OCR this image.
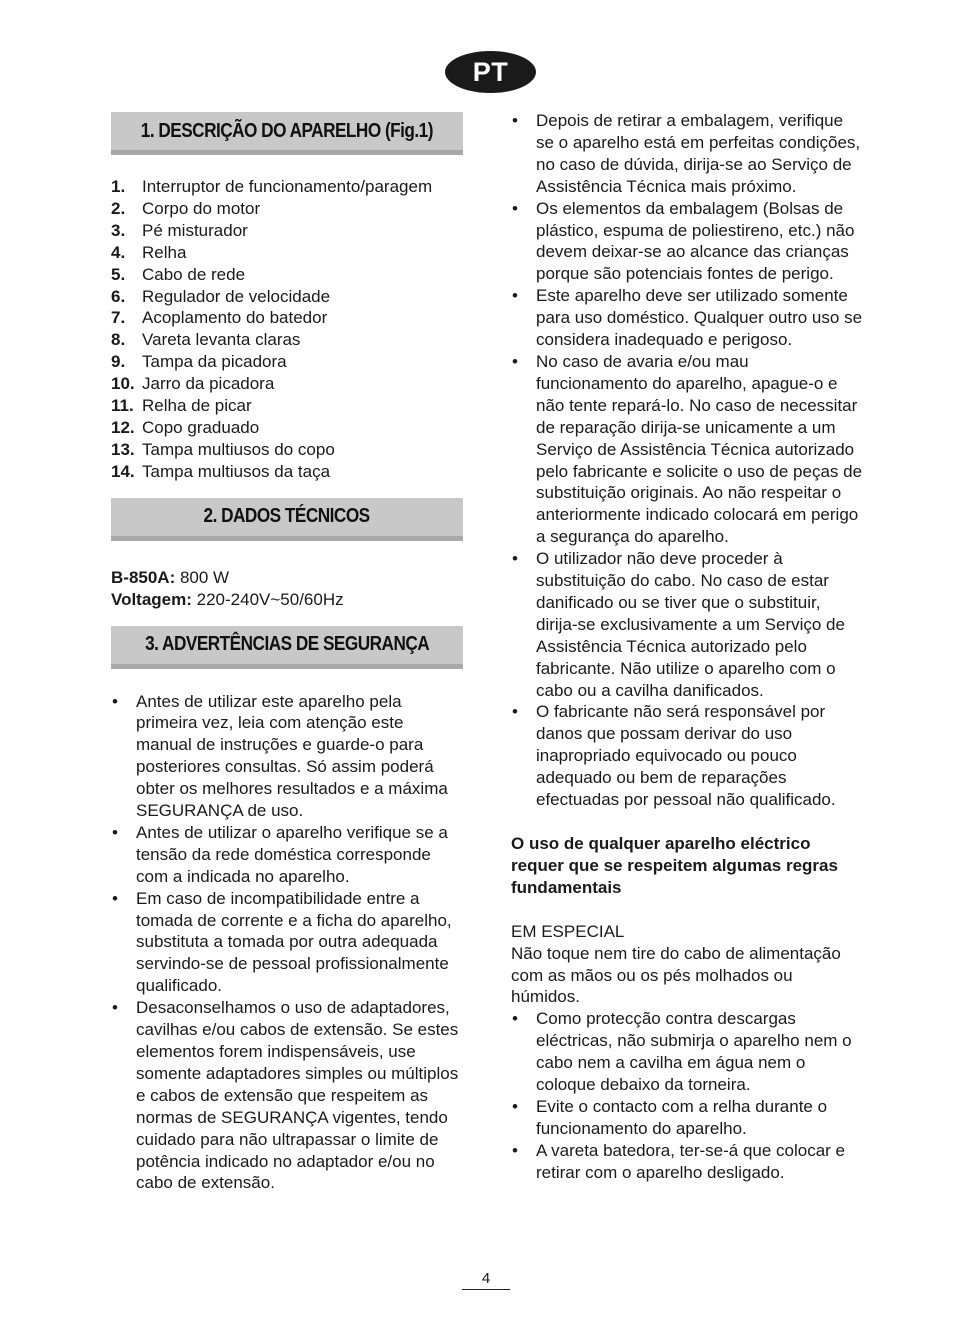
PT
1. DESCRIÇÃO DO APARELHO (Fig.1)
1. Interruptor de funcionamento/paragem
2. Corpo do motor
3. Pé misturador
4. Relha
5. Cabo de rede
6. Regulador de velocidade
7. Acoplamento do batedor
8. Vareta levanta claras
9. Tampa da picadora
10. Jarro da picadora
11. Relha de picar
12. Copo graduado
13. Tampa multiusos do copo
14. Tampa multiusos da taça
2. DADOS TÉCNICOS
B-850A: 800 W
Voltagem: 220-240V~50/60Hz
3. ADVERTÊNCIAS DE SEGURANÇA
• Antes de utilizar este aparelho pela primeira vez, leia com atenção este manual de instruções e guarde-o para posteriores consultas. Só assim poderá obter os melhores resultados e a máxima SEGURANÇA de uso.
• Antes de utilizar o aparelho verifique se a tensão da rede doméstica corresponde com a indicada no aparelho.
• Em caso de incompatibilidade entre a tomada de corrente e a ficha do aparelho, substituta a tomada por outra adequada servindo-se de pessoal profissionalmente qualificado.
• Desaconselhamos o uso de adaptadores, cavilhas e/ou cabos de extensão. Se estes elementos forem indispensáveis, use somente adaptadores simples ou múltiplos e cabos de extensão que respeitem as normas de SEGURANÇA vigentes, tendo cuidado para não ultrapassar o limite de potência indicado no adaptador e/ou no cabo de extensão.
• Depois de retirar a embalagem, verifique se o aparelho está em perfeitas condições, no caso de dúvida, dirija-se ao Serviço de Assistência Técnica mais próximo.
• Os elementos da embalagem (Bolsas de plástico, espuma de poliestireno, etc.) não devem deixar-se ao alcance das crianças porque são potenciais fontes de perigo.
• Este aparelho deve ser utilizado somente para uso doméstico. Qualquer outro uso se considera inadequado e perigoso.
• No caso de avaria e/ou mau funcionamento do aparelho, apague-o e não tente repará-lo. No caso de necessitar de reparação dirija-se unicamente a um Serviço de Assistência Técnica autorizado pelo fabricante e solicite o uso de peças de substituição originais. Ao não respeitar o anteriormente indicado colocará em perigo a segurança do aparelho.
• O utilizador não deve proceder à substituição do cabo. No caso de estar danificado ou se tiver que o substituir, dirija-se exclusivamente a um Serviço de Assistência Técnica autorizado pelo fabricante. Não utilize o aparelho com o cabo ou a cavilha danificados.
• O fabricante não será responsável por danos que possam derivar do uso inapropriado equivocado ou pouco adequado ou bem de reparações efectuadas por pessoal não qualificado.

O uso de qualquer aparelho eléctrico requer que se respeitem algumas regras fundamentais

EM ESPECIAL

Não toque nem tire do cabo de alimentação com as mãos ou os pés molhados ou húmidos.

• Como protecção contra descargas eléctricas, não submirja o aparelho nem o cabo nem a cavilha em água nem o coloque debaixo da torneira.
• Evite o contacto com a relha durante o funcionamento do aparelho.
• A vareta batedora, ter-se-á que colocar e retirar com o aparelho desligado.
4
